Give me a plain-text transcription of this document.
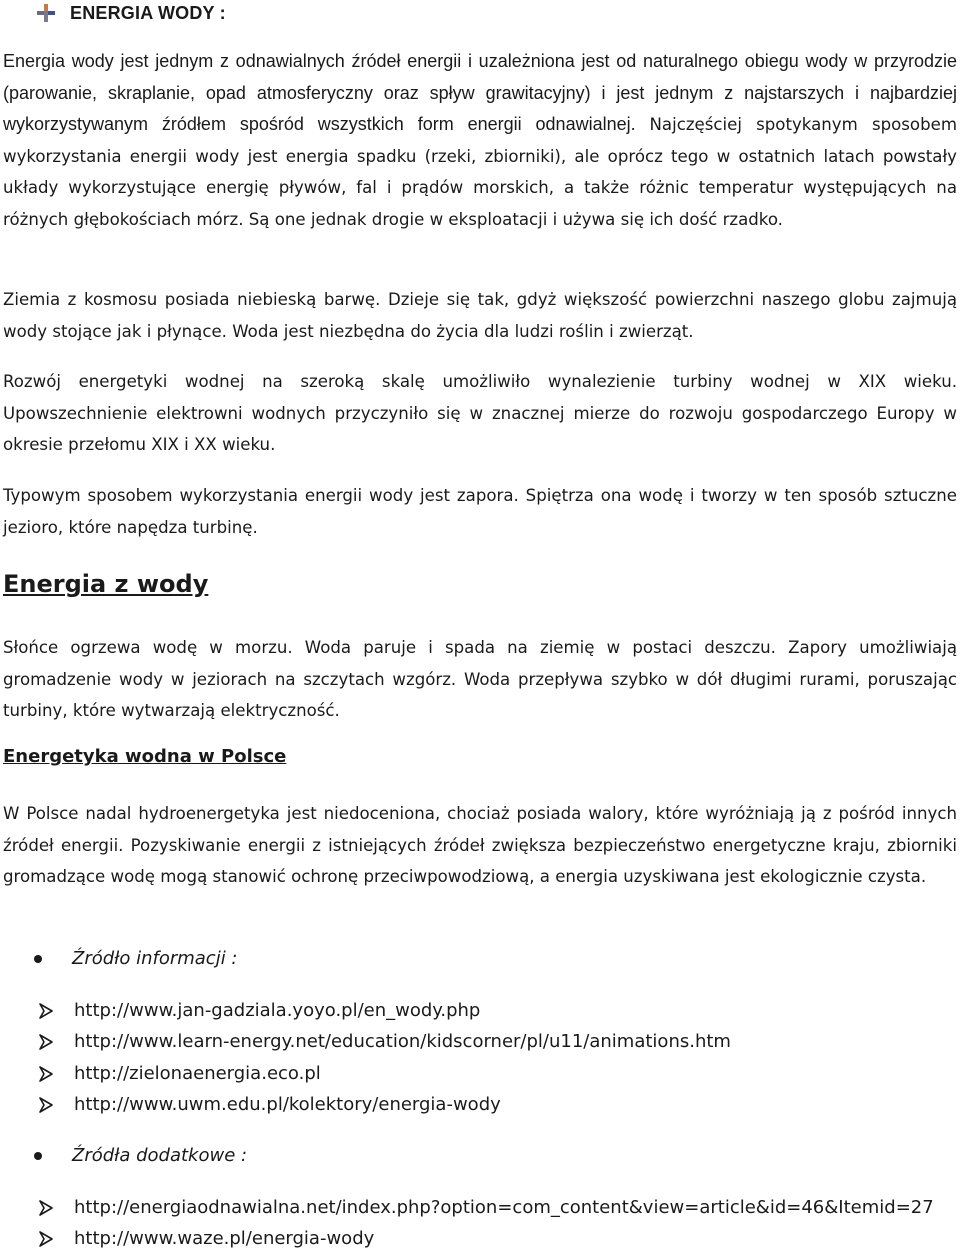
ENERGIA WODY :

Energia wody jest jednym z odnawialnych źródeł energii i uzależniona jest od naturalnego obiegu wody w przyrodzie (parowanie, skraplanie, opad atmosferyczny oraz spływ grawitacyjny) i jest jednym z najstarszych i najbardziej wykorzystywanym źródłem spośród wszystkich form energii odnawialnej. Najczęściej spotykanym sposobem wykorzystania energii wody jest energia spadku (rzeki, zbiorniki), ale oprócz tego w ostatnich latach powstały układy wykorzystujące energię pływów, fal i prądów morskich, a także różnic temperatur występujących na różnych głębokościach mórz. Są one jednak drogie w eksploatacji i używa się ich dość rzadko.

Ziemia z kosmosu posiada niebieską barwę. Dzieje się tak, gdyż większość powierzchni naszego globu zajmują wody stojące jak i płynące. Woda jest niezbędna do życia dla ludzi roślin i zwierząt.

Rozwój energetyki wodnej na szeroką skalę umożliwiło wynalezienie turbiny wodnej w XIX wieku. Upowszechnienie elektrowni wodnych przyczyniło się w znacznej mierze do rozwoju gospodarczego Europy w okresie przełomu XIX i XX wieku.

Typowym sposobem wykorzystania energii wody jest zapora. Spiętrza ona wodę i tworzy w ten sposób sztuczne jezioro, które napędza turbinę.

Energia z wody

Słońce ogrzewa wodę w morzu. Woda paruje i spada na ziemię w postaci deszczu. Zapory umożliwiają gromadzenie wody w jeziorach na szczytach wzgórz. Woda przepływa szybko w dół długimi rurami, poruszając turbiny, które wytwarzają elektryczność.

Energetyka wodna w Polsce

W Polsce nadal hydroenergetyka jest niedoceniona, chociaż posiada walory, które wyróżniają ją z pośród innych źródeł energii. Pozyskiwanie energii z istniejących źródeł zwiększa bezpieczeństwo energetyczne kraju, zbiorniki gromadzące wodę mogą stanowić ochronę przeciwpowodziową, a energia uzyskiwana jest ekologicznie czysta.

Źródło informacji :
http://www.jan-gadziala.yoyo.pl/en_wody.php
http://www.learn-energy.net/education/kidscorner/pl/u11/animations.htm
http://zielonaenergia.eco.pl
http://www.uwm.edu.pl/kolektory/energia-wody
Źródła dodatkowe :
http://energiaodnawialna.net/index.php?option=com_content&view=article&id=46&Itemid=27
http://www.waze.pl/energia-wody
